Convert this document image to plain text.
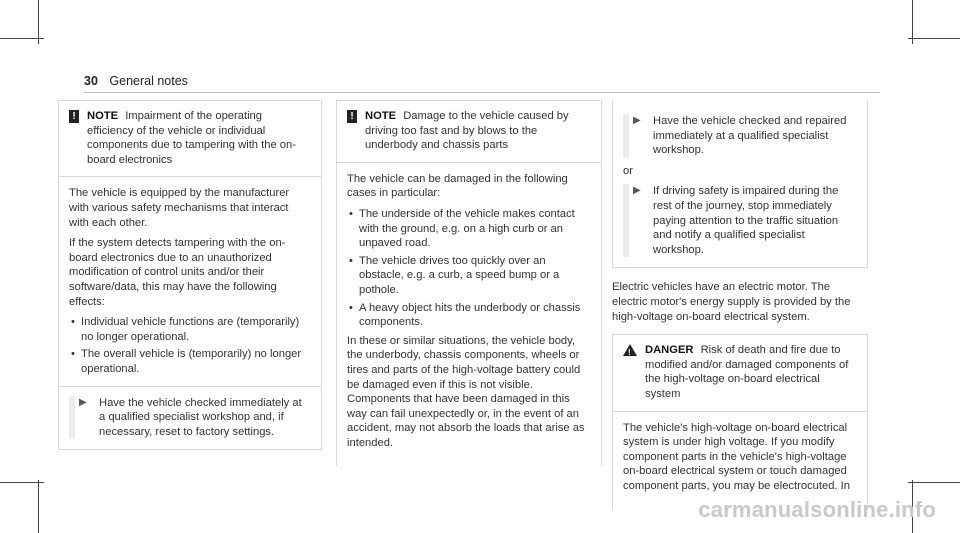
30 General notes
! NOTE Impairment of the operating efficiency of the vehicle or individual components due to tampering with the on-board electronics

The vehicle is equipped by the manufacturer with various safety mechanisms that interact with each other.

If the system detects tampering with the on-board electronics due to an unauthorized modification of control units and/or their software/data, this may have the following effects:

• Individual vehicle functions are (temporarily) no longer operational.
• The overall vehicle is (temporarily) no longer operational.
▶	Have the vehicle checked immediately at a qualified specialist workshop and, if necessary, reset to factory settings.
! NOTE Damage to the vehicle caused by driving too fast and by blows to the underbody and chassis parts

The vehicle can be damaged in the following cases in particular:

• The underside of the vehicle makes contact with the ground, e.g. on a high curb or an unpaved road.
• The vehicle drives too quickly over an obstacle, e.g. a curb, a speed bump or a pothole.
• A heavy object hits the underbody or chassis components.

In these or similar situations, the vehicle body, the underbody, chassis components, wheels or tires and parts of the high-voltage battery could be damaged even if this is not visible. Components that have been damaged in this way can fail unexpectedly or, in the event of an accident, may not absorb the loads that arise as intended.

▶	Have the vehicle checked and repaired immediately at a qualified specialist workshop.
or
▶	If driving safety is impaired during the rest of the journey, stop immediately paying attention to the traffic situation and notify a qualified specialist workshop.

Electric vehicles have an electric motor. The electric motor's energy supply is provided by the high-voltage on-board electrical system.

! DANGER Risk of death and fire due to modified and/or damaged components of the high-voltage on-board electrical system

The vehicle's high-voltage on-board electrical system is under high voltage. If you modify component parts in the vehicle's high-voltage on-board electrical system or touch damaged component parts, you may be electrocuted. In

carmanualsonline.info
